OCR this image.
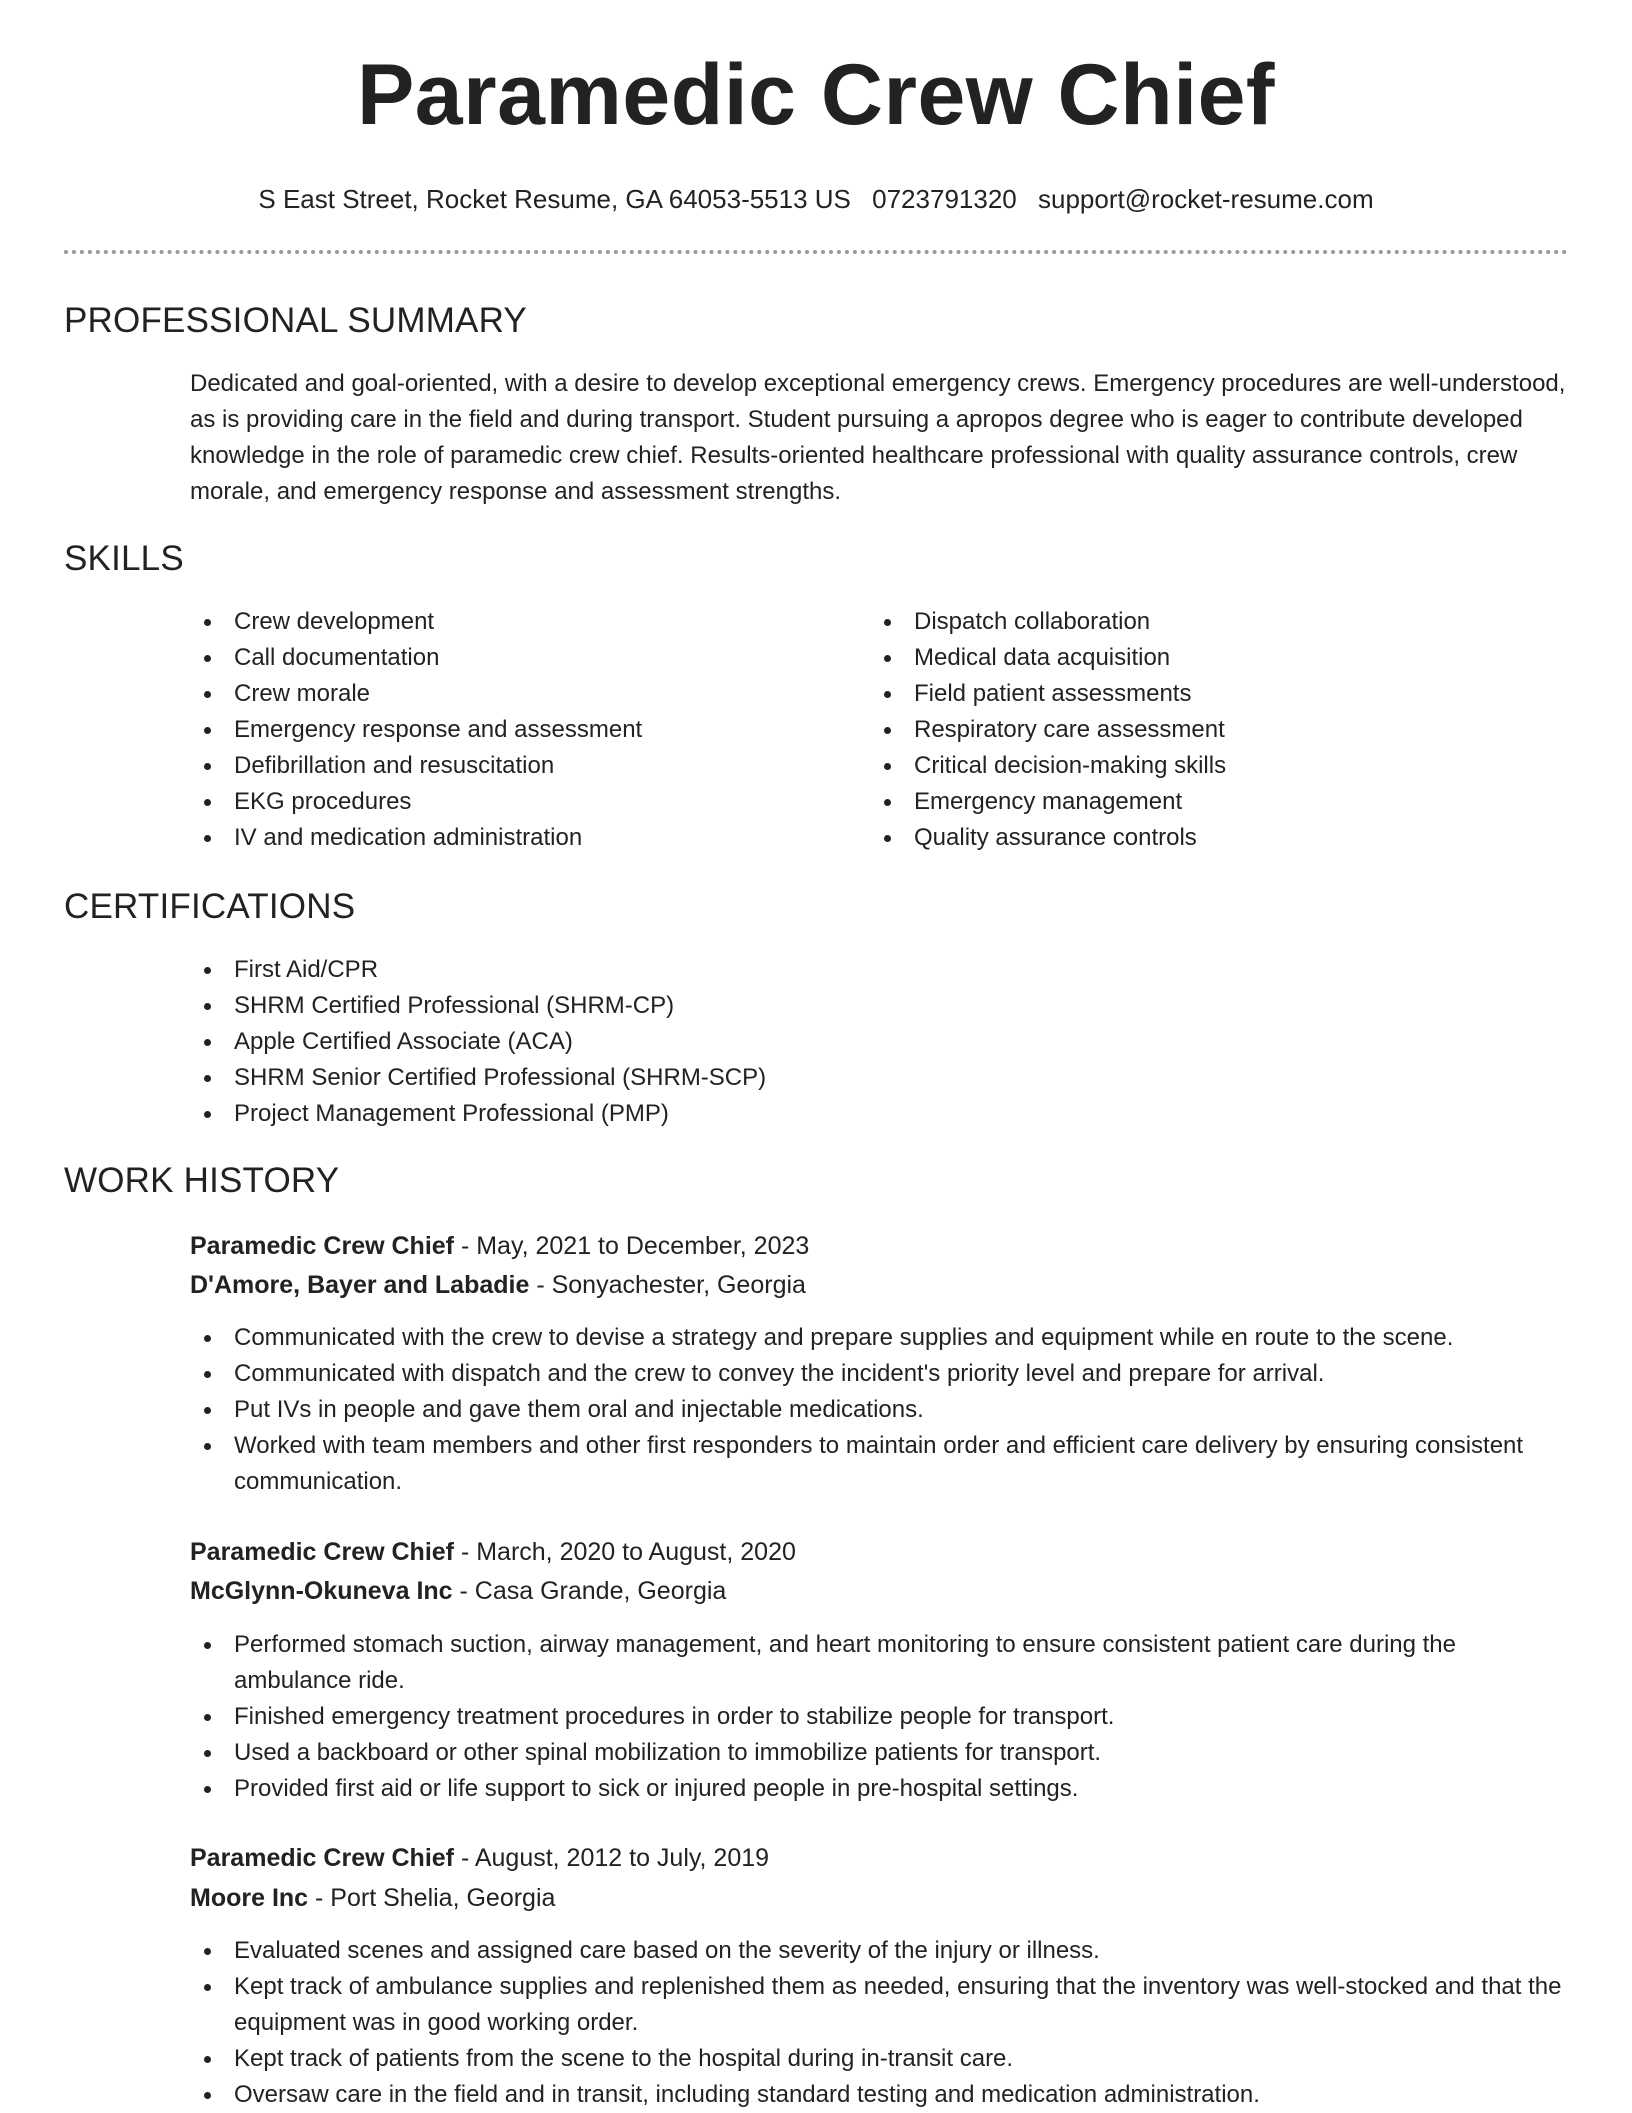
Paramedic Crew Chief
S East Street, Rocket Resume, GA 64053-5513 US 0723791320 support@rocket-resume.com
PROFESSIONAL SUMMARY

Dedicated and goal-oriented, with a desire to develop exceptional emergency crews. Emergency procedures are well-understood, as is providing care in the field and during transport. Student pursuing a apropos degree who is eager to contribute developed knowledge in the role of paramedic crew chief. Results-oriented healthcare professional with quality assurance controls, crew morale, and emergency response and assessment strengths.

SKILLS
Crew development
Call documentation
Crew morale
Emergency response and assessment
Defibrillation and resuscitation
EKG procedures
IV and medication administration
Dispatch collaboration
Medical data acquisition
Field patient assessments
Respiratory care assessment
Critical decision-making skills
Emergency management
Quality assurance controls
CERTIFICATIONS
First Aid/CPR
SHRM Certified Professional (SHRM-CP)
Apple Certified Associate (ACA)
SHRM Senior Certified Professional (SHRM-SCP)
Project Management Professional (PMP)
WORK HISTORY
Paramedic Crew Chief - May, 2021 to December, 2023
D'Amore, Bayer and Labadie - Sonyachester, Georgia
Communicated with the crew to devise a strategy and prepare supplies and equipment while en route to the scene.
Communicated with dispatch and the crew to convey the incident's priority level and prepare for arrival.
Put IVs in people and gave them oral and injectable medications.
Worked with team members and other first responders to maintain order and efficient care delivery by ensuring consistent communication.
Paramedic Crew Chief - March, 2020 to August, 2020
McGlynn-Okuneva Inc - Casa Grande, Georgia
Performed stomach suction, airway management, and heart monitoring to ensure consistent patient care during the ambulance ride.
Finished emergency treatment procedures in order to stabilize people for transport.
Used a backboard or other spinal mobilization to immobilize patients for transport.
Provided first aid or life support to sick or injured people in pre-hospital settings.
Paramedic Crew Chief - August, 2012 to July, 2019
Moore Inc - Port Shelia, Georgia
Evaluated scenes and assigned care based on the severity of the injury or illness.
Kept track of ambulance supplies and replenished them as needed, ensuring that the inventory was well-stocked and that the equipment was in good working order.
Kept track of patients from the scene to the hospital during in-transit care.
Oversaw care in the field and in transit, including standard testing and medication administration.
